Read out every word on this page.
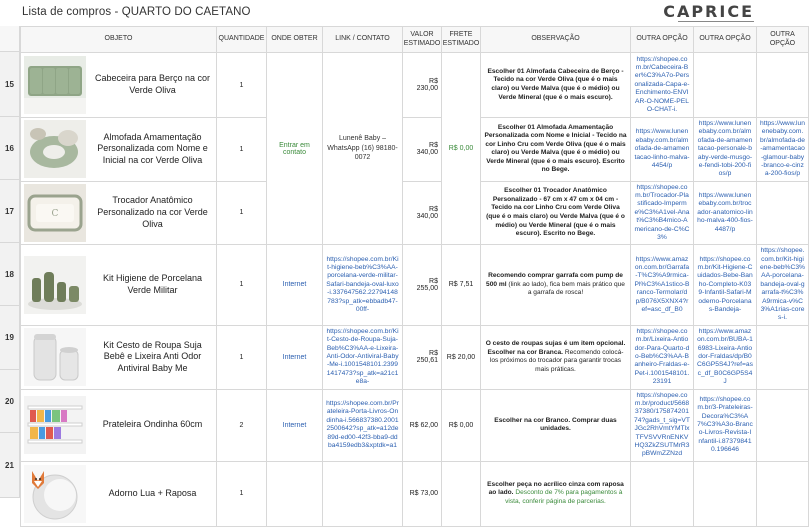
Lista de compros - QUARTO DO CAETANO	CAPRICE
15
16
17
18
19
20
21
OBJETO	QUANTIDADE	ONDE OBTER	LINK / CONTATO	VALOR ESTIMADO	FRETE ESTIMADO	OBSERVAÇÃO	OUTRA OPÇÃO	OUTRA OPÇÃO	OUTRA OPÇÃO

Cabeceira para Berço na cor Verde Oliva	1	Entrar em contato	Lunenê Baby – WhatsApp (16) 98180-0072	R$ 230,00	R$ 0,00	Escolher 01 Almofada Cabeceira de Berço - Tecido na cor Verde Oliva (que é o mais claro) ou Verde Malva (que é o médio) ou Verde Mineral (que é o mais escuro).	https://shopee.com.br/Cabeceira-Ber%C3%A7o-Personalizada-Capa-e-Enchimento-ENVIAR-O-NOME-PELO-CHAT-i.		

Almofada Amamentação Personalizada com Nome e Inicial na cor Verde Oliva	1			R$ 340,00		Escolher 01 Almofada Amamentação Personalizada com Nome e Inicial - Tecido na cor Linho Cru com Verde Oliva (que é o mais claro) ou Verde Malva (que é o médio) ou Verde Mineral (que é o mais escuro). Escrito no Bege.	https://www.lunenebaby.com.br/almofada-de-amamentacao-linho-malva-4454/p	https://www.lunenebaby.com.br/almofada-de-amamentacao-personale-baby-verde-musgo-e-fendi-tobi-200-fios/p	https://www.lunenebaby.com.br/almofada-de-amamentacao-glamour-baby-branco-e-cinza-200-fios/p

C
Trocador Anatômico Personalizado na cor Verde Oliva	1			R$ 340,00		Escolher 01 Trocador Anatômico Personalizado - 67 cm x 47 cm x 04 cm - Tecido na cor Linho Cru com Verde Oliva (que é o mais claro) ou Verde Malva (que é o médio) ou Verde Mineral (que é o mais escuro). Escrito no Bege.	https://shopee.com.br/Trocador-Plastificado-Imperme%C3%A1vel-Anat%C3%B4mico-Americano-de-C%C3%	https://www.lunenebaby.com.br/trocador-anatomico-linho-malva-400-fios-4487/p	

Kit Higiene de Porcelana Verde Militar	1	Internet	https://shopee.com.br/Kit-higiene-beb%C3%AA-porcelana-verde-militar-Safari-bandeja-oval-luxo-i.337647562.22794148783?sp_atk=ebbadb47-00ff-	R$ 255,00	R$ 7,51	Recomendo comprar garrafa com pump de 500 ml (link ao lado), fica bem mais prático que a garrafa de rosca!	https://www.amazon.com.br/Garrafa-T%C3%A9rmica-Pl%C3%A1stico-Branco-Termolar/dp/B076X5XNX4?ref=asc_df_B0	https://shopee.com.br/Kit-Higiene-Cuidados-Bebe-Banho-Completo-K039-Infantil-Safari-Moderno-Porcelanas-Bandeja-	https://shopee.com.br/Kit-higiene-beb%C3%AA-porcelana-bandeja-oval-garrafa-t%C3%A9rmica-v%C3%A1rias-cores-i.

Kit Cesto de Roupa Suja Bebê e Lixeira Anti Odor Antiviral Baby Me	1	Internet	https://shopee.com.br/Kit-Cesto-de-Roupa-Suja-Beb%C3%AA-e-Lixeira-Anti-Odor-Antiviral-Baby-Me-i.1001548101.23991417473?sp_atk=a21c1e8a-	R$ 250,61	R$ 20,00	O cesto de roupas sujas é um item opcional. Escolher na cor Branca. Recomendo colocá-los próximos do trocador para garantir trocas mais práticas.	https://shopee.com.br/Lixeira-Antiodor-Para-Quarto-do-Beb%C3%AA-Banheiro-Fraldas-e-Pet-i.1001548101.23191	https://www.amazon.com.br/BUBA-16983-Lixeira-Antiodor-Fraldas/dp/B0C6GP5S4J?ref=asc_df_B0C6GP5S4J	

Prateleira Ondinha 60cm	2	Internet	https://shopee.com.br/Prateleira-Porta-Livros-Ondinha-i.566837380.20012500642?sp_atk=a12de89d-ed00-42f3-bba9-ddba4159edb3&xptdk=a1	R$ 62,00	R$ 0,00	Escolher na cor Branco. Comprar duas unidades.	https://shopee.com.br/product/566837380/17587420174?gads_t_sig=VTJGc2RhVmtYMTlxTFVSVVRnENKVHQ3ZkZSUTMrR3pBWmZZNzd	https://shopee.com.br/3-Prateleiras-Decora%C3%A7%C3%A3o-Branco-Livros-Revista-Infantil-i.873798410.196646	

Adorno Lua + Raposa	1			R$ 73,00		Escolher peça no acrílico cinza com raposa ao lado. Desconto de 7% para pagamentos à vista, conferir página de parcerias.			
